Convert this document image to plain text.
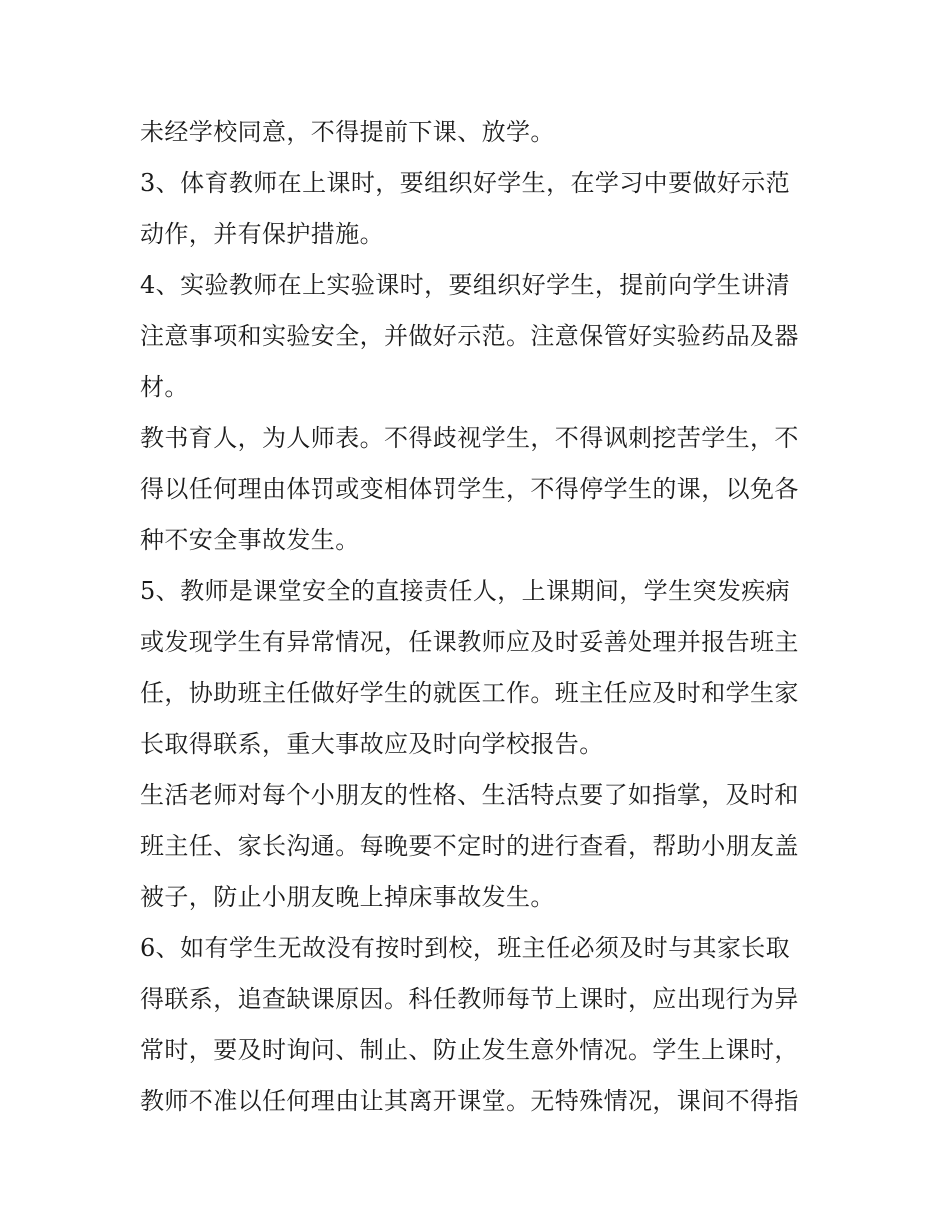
未经学校同意，不得提前下课、放学。
3、体育教师在上课时，要组织好学生，在学习中要做好示范
动作，并有保护措施。
4、实验教师在上实验课时，要组织好学生，提前向学生讲清
注意事项和实验安全，并做好示范。注意保管好实验药品及器
材。
教书育人，为人师表。不得歧视学生，不得讽刺挖苦学生，不
得以任何理由体罚或变相体罚学生，不得停学生的课，以免各
种不安全事故发生。
5、教师是课堂安全的直接责任人，上课期间，学生突发疾病
或发现学生有异常情况，任课教师应及时妥善处理并报告班主
任，协助班主任做好学生的就医工作。班主任应及时和学生家
长取得联系，重大事故应及时向学校报告。
生活老师对每个小朋友的性格、生活特点要了如指掌，及时和
班主任、家长沟通。每晚要不定时的进行查看，帮助小朋友盖
被子，防止小朋友晚上掉床事故发生。
6、如有学生无故没有按时到校，班主任必须及时与其家长取
得联系，追查缺课原因。科任教师每节上课时，应出现行为异
常时，要及时询问、制止、防止发生意外情况。学生上课时，
教师不准以任何理由让其离开课堂。无特殊情况，课间不得指
